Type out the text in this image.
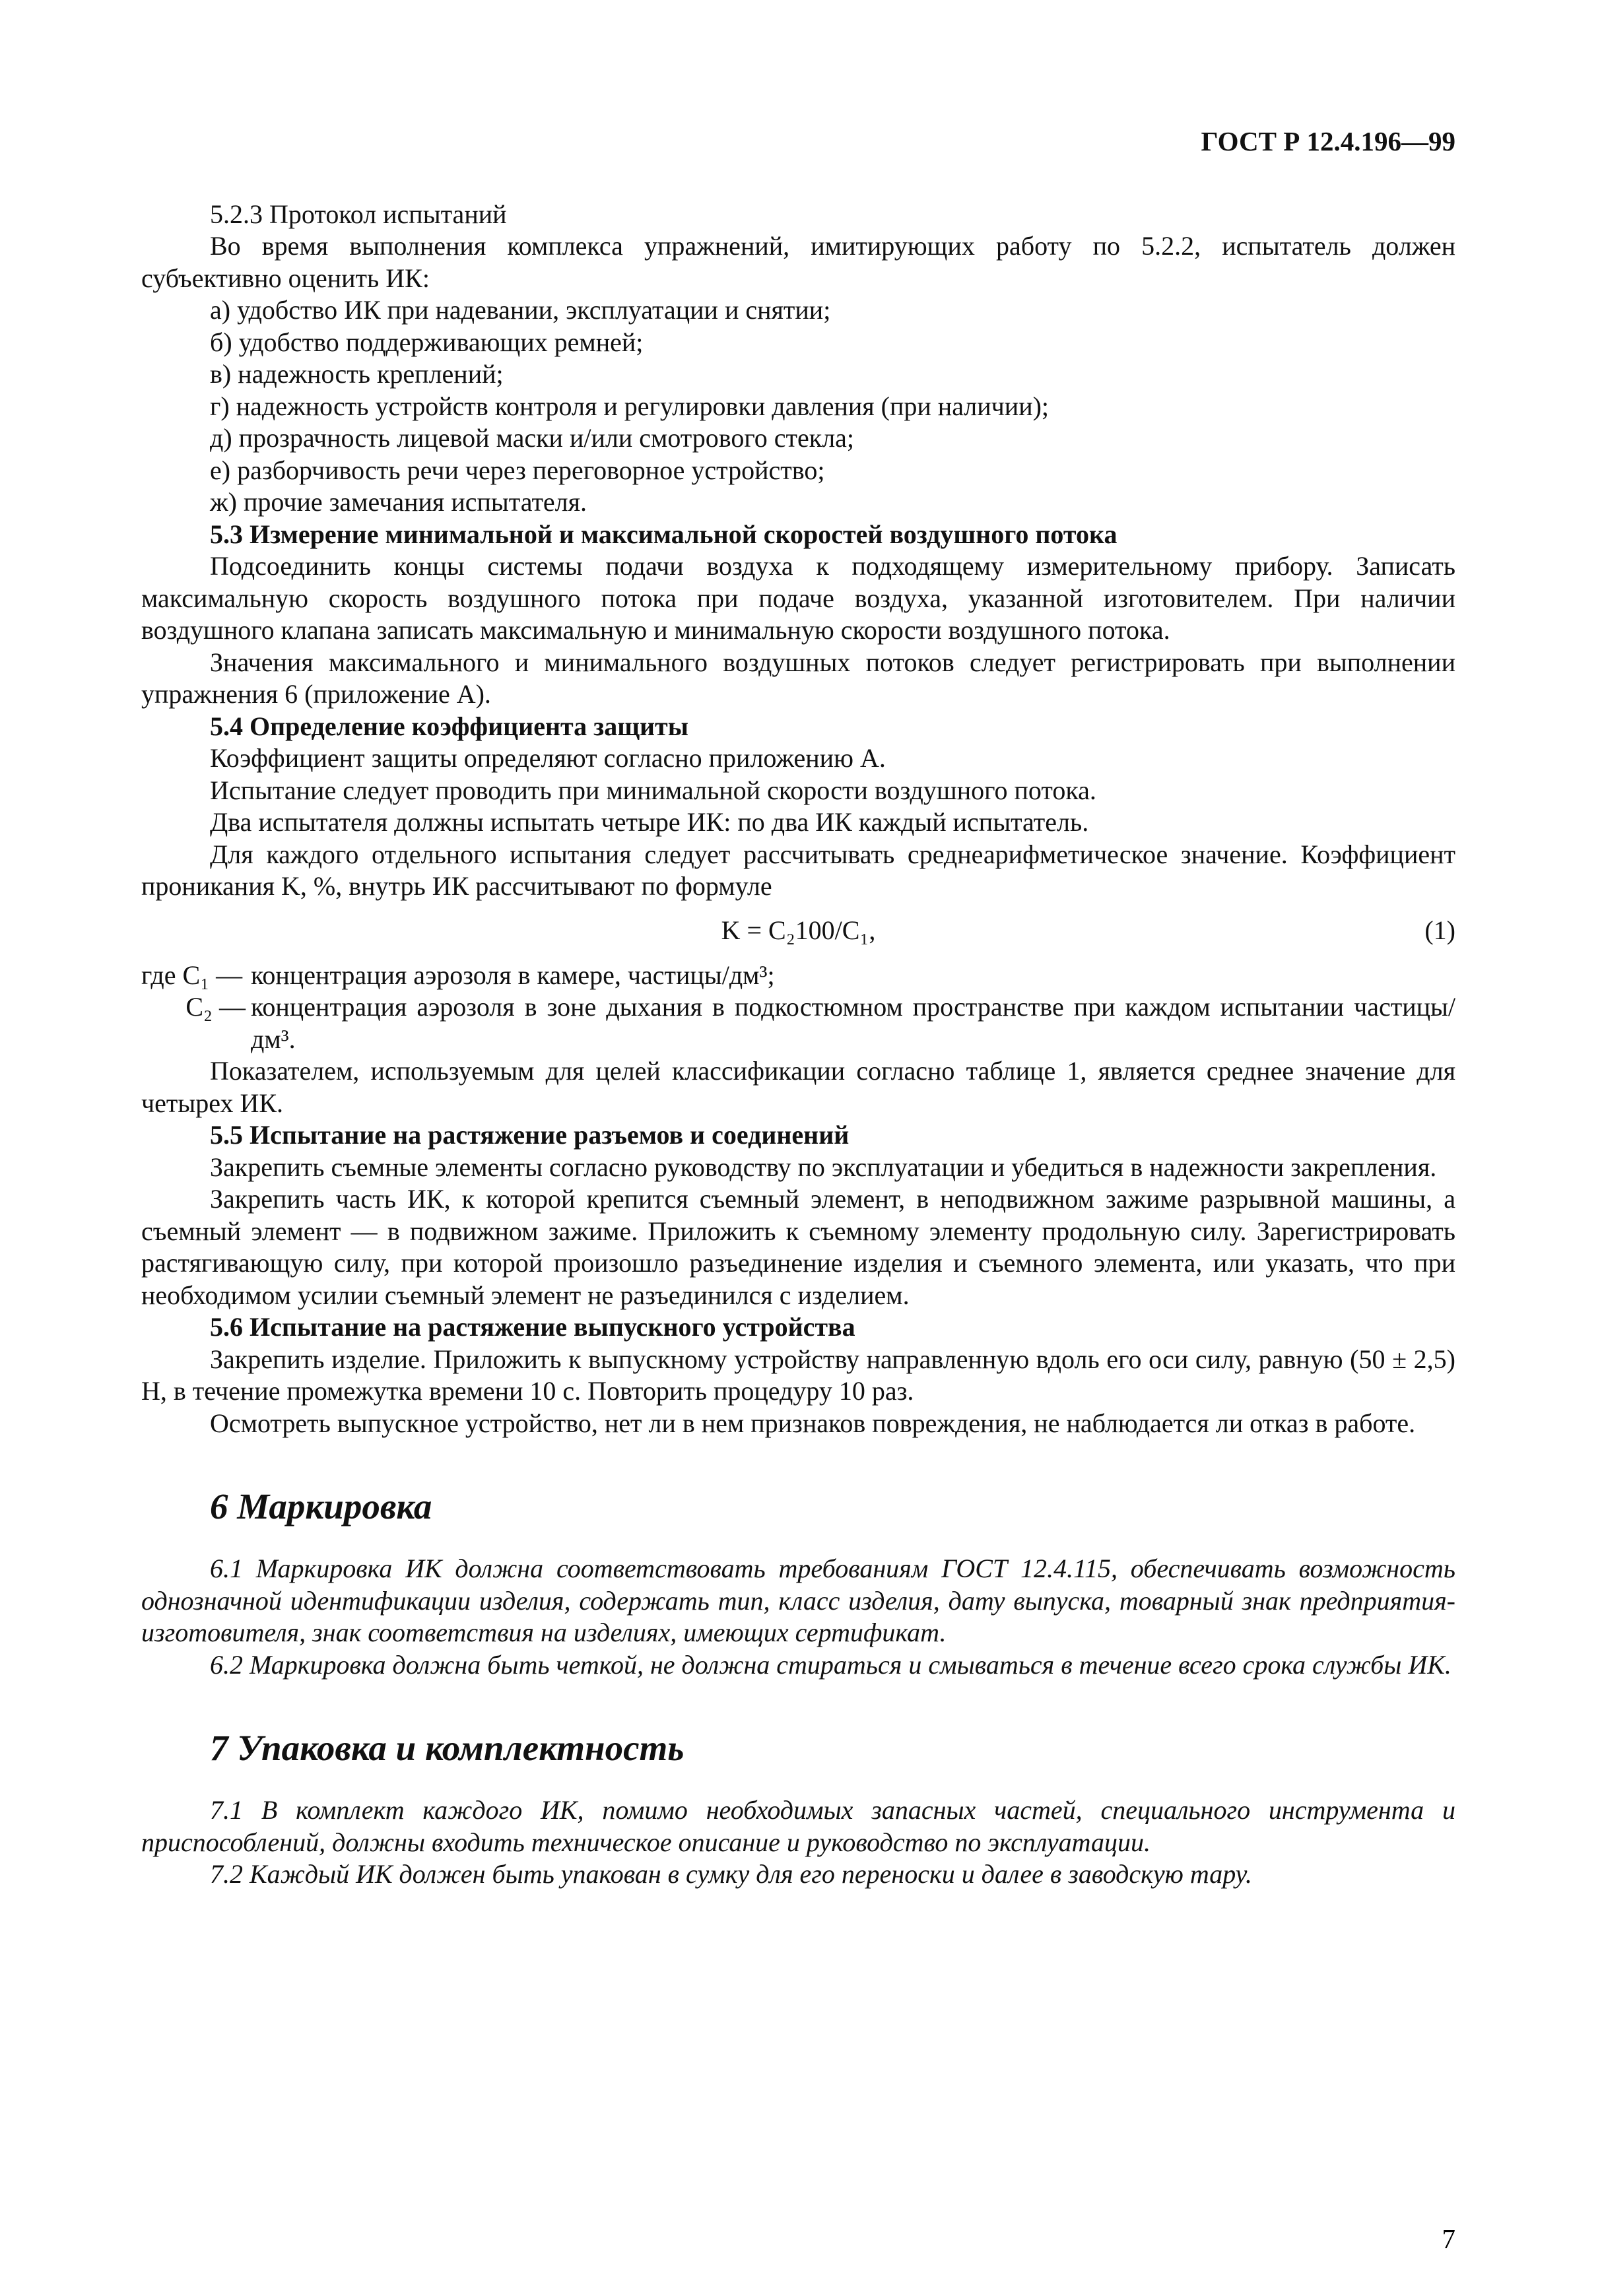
ГОСТ Р 12.4.196—99

5.2.3 Протокол испытаний

Во время выполнения комплекса упражнений, имитирующих работу по 5.2.2, испытатель должен субъективно оценить ИК:

а) удобство ИК при надевании, эксплуатации и снятии;

б) удобство поддерживающих ремней;

в) надежность креплений;

г) надежность устройств контроля и регулировки давления (при наличии);

д) прозрачность лицевой маски и/или смотрового стекла;

е) разборчивость речи через переговорное устройство;

ж) прочие замечания испытателя.

5.3 Измерение минимальной и максимальной скоростей воздушного потока

Подсоединить концы системы подачи воздуха к подходящему измерительному прибору. Записать максимальную скорость воздушного потока при подаче воздуха, указанной изготовителем. При наличии воздушного клапана записать максимальную и минимальную скорости воздушного потока.

Значения максимального и минимального воздушных потоков следует регистрировать при выполнении упражнения 6 (приложение А).

5.4 Определение коэффициента защиты

Коэффициент защиты определяют согласно приложению А.

Испытание следует проводить при минимальной скорости воздушного потока.

Два испытателя должны испытать четыре ИК: по два ИК каждый испытатель.

Для каждого отдельного испытания следует рассчитывать среднеарифметическое значение. Коэффициент проникания K, %, внутрь ИК рассчитывают по формуле

K = C₂100/C₁,	(1)
где C₁ — концентрация аэрозоля в камере, частицы/дм³;
C₂ — концентрация аэрозоля в зоне дыхания в подкостюмном пространстве при каждом испытании частицы/дм³.

Показателем, используемым для целей классификации согласно таблице 1, является среднее значение для четырех ИК.

5.5 Испытание на растяжение разъемов и соединений

Закрепить съемные элементы согласно руководству по эксплуатации и убедиться в надежности закрепления.

Закрепить часть ИК, к которой крепится съемный элемент, в неподвижном зажиме разрывной машины, а съемный элемент — в подвижном зажиме. Приложить к съемному элементу продольную силу. Зарегистрировать растягивающую силу, при которой произошло разъединение изделия и съемного элемента, или указать, что при необходимом усилии съемный элемент не разъединился с изделием.

5.6 Испытание на растяжение выпускного устройства

Закрепить изделие. Приложить к выпускному устройству направленную вдоль его оси силу, равную (50 ± 2,5) Н, в течение промежутка времени 10 с. Повторить процедуру 10 раз.

Осмотреть выпускное устройство, нет ли в нем признаков повреждения, не наблюдается ли отказ в работе.

6 Маркировка

6.1 Маркировка ИК должна соответствовать требованиям ГОСТ 12.4.115, обеспечивать возможность однозначной идентификации изделия, содержать тип, класс изделия, дату выпуска, товарный знак предприятия-изготовителя, знак соответствия на изделиях, имеющих сертификат.

6.2 Маркировка должна быть четкой, не должна стираться и смываться в течение всего срока службы ИК.

7 Упаковка и комплектность

7.1 В комплект каждого ИК, помимо необходимых запасных частей, специального инструмента и приспособлений, должны входить техническое описание и руководство по эксплуатации.

7.2 Каждый ИК должен быть упакован в сумку для его переноски и далее в заводскую тару.

7
